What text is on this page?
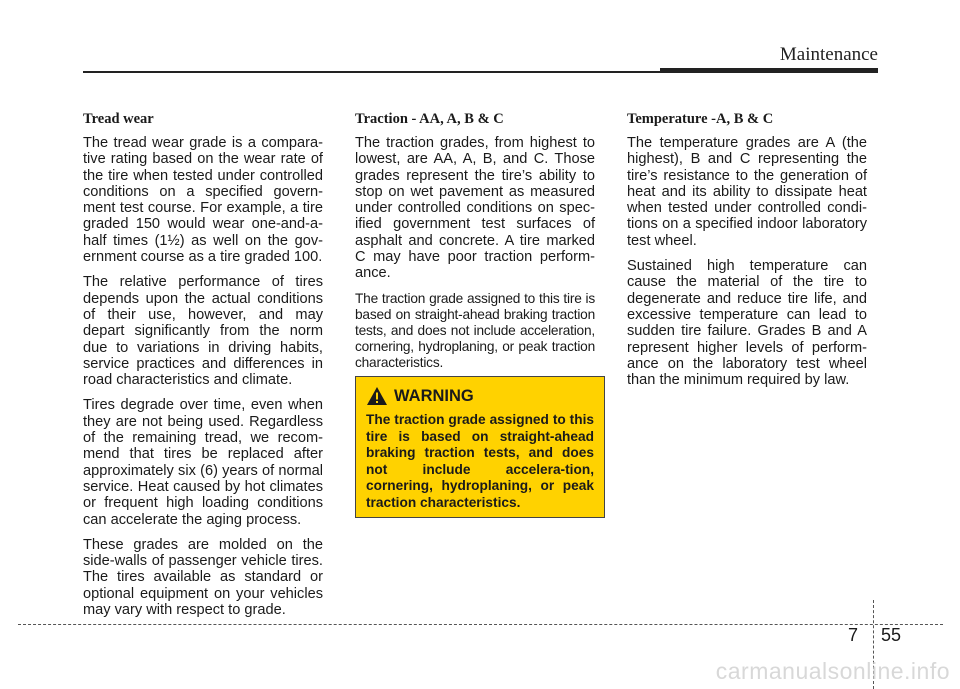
Maintenance
Tread wear

The tread wear grade is a compara-tive rating based on the wear rate of the tire when tested under controlled conditions on a specified govern-ment test course. For example, a tire graded 150 would wear one-and-a-half times (1½) as well on the gov-ernment course as a tire graded 100.

The relative performance of tires depends upon the actual conditions of their use, however, and may depart significantly from the norm due to variations in driving habits, service practices and differences in road characteristics and climate.

Tires degrade over time, even when they are not being used. Regardless of the remaining tread, we recom-mend that tires be replaced after approximately six (6) years of normal service. Heat caused by hot climates or frequent high loading conditions can accelerate the aging process.

These grades are molded on the side-walls of passenger vehicle tires. The tires available as standard or optional equipment on your vehicles may vary with respect to grade.

Traction - AA, A, B & C

The traction grades, from highest to lowest, are AA, A, B, and C. Those grades represent the tire’s ability to stop on wet pavement as measured under controlled conditions on spec-ified government test surfaces of asphalt and concrete. A tire marked C may have poor traction perform-ance.

The traction grade assigned to this tire is based on straight-ahead braking traction tests, and does not include acceleration, cornering, hydroplaning, or peak traction characteristics.

WARNING
The traction grade assigned to this tire is based on straight-ahead braking traction tests, and does not include accelera-tion, cornering, hydroplaning, or peak traction characteristics.
Temperature -A, B & C

The temperature grades are A (the highest), B and C representing the tire’s resistance to the generation of heat and its ability to dissipate heat when tested under controlled condi-tions on a specified indoor laboratory test wheel.

Sustained high temperature can cause the material of the tire to degenerate and reduce tire life, and excessive temperature can lead to sudden tire failure. Grades B and A represent higher levels of perform-ance on the laboratory test wheel than the minimum required by law.

7 55
carmanualsonline.info
